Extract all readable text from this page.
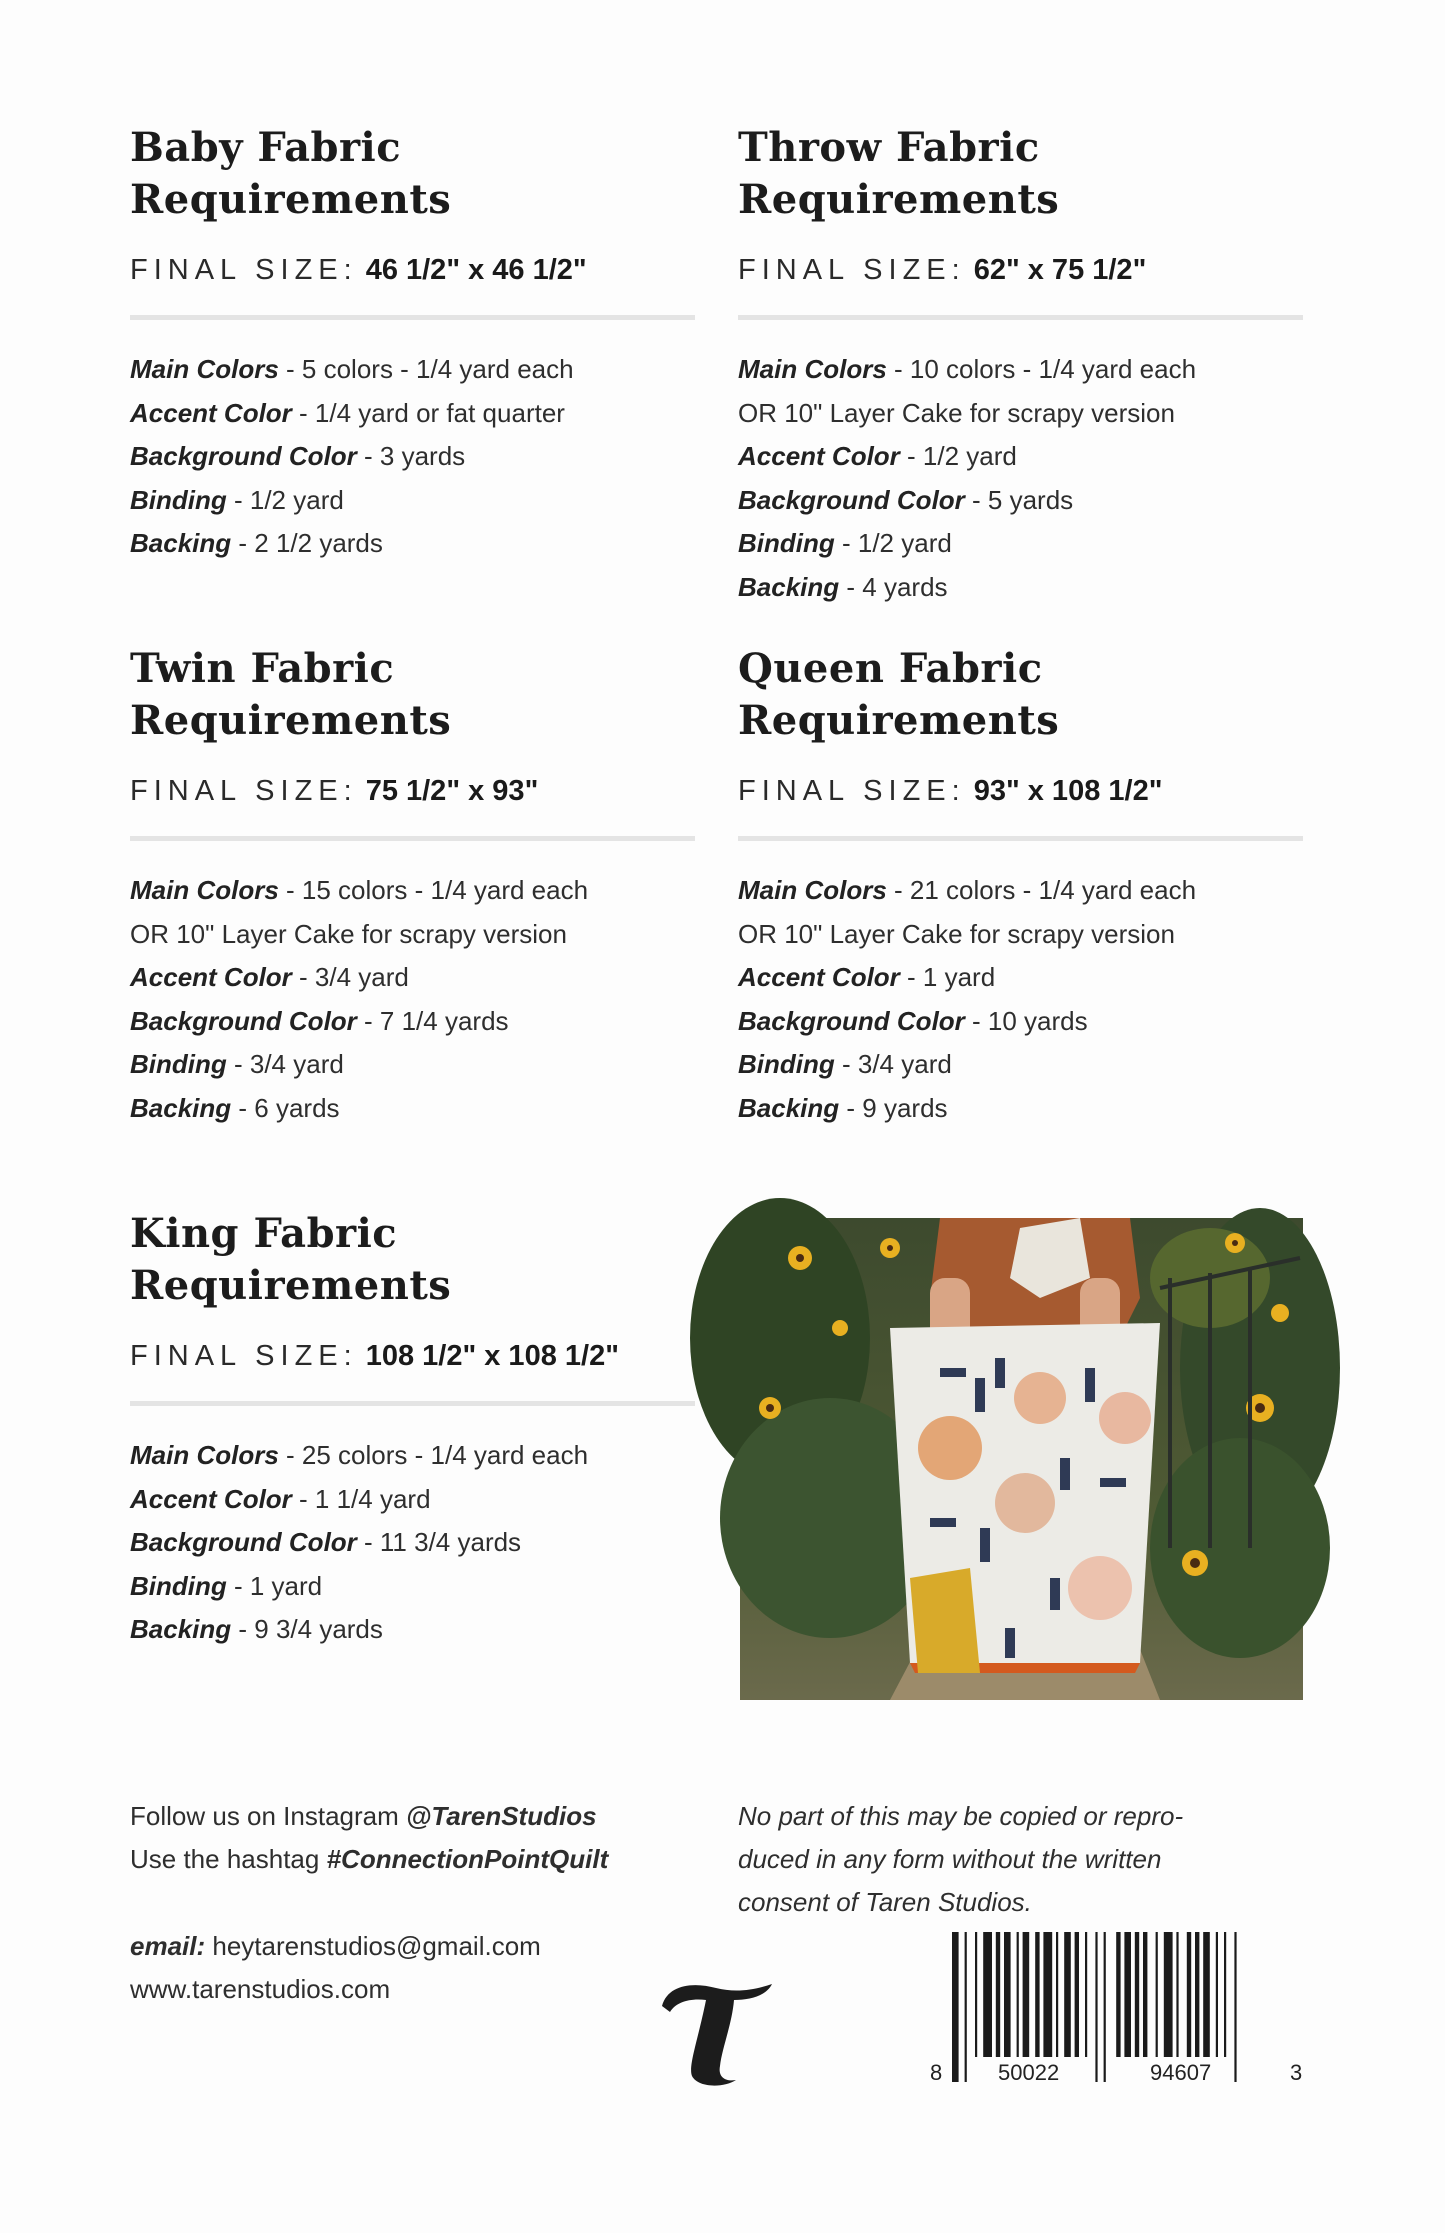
Baby Fabric
Requirements
FINAL SIZE: 46 1/2" x 46 1/2"
Main Colors - 5 colors - 1/4 yard each
Accent Color - 1/4 yard or fat quarter
Background Color - 3 yards
Binding - 1/2 yard
Backing - 2 1/2 yards
Throw Fabric
Requirements
FINAL SIZE: 62" x 75 1/2"
Main Colors - 10 colors - 1/4 yard each
OR 10" Layer Cake for scrapy version
Accent Color - 1/2 yard
Background Color - 5 yards
Binding - 1/2 yard
Backing - 4 yards
Twin Fabric
Requirements
FINAL SIZE: 75 1/2" x 93"
Main Colors - 15 colors - 1/4 yard each
OR 10" Layer Cake for scrapy version
Accent Color - 3/4 yard
Background Color - 7 1/4 yards
Binding - 3/4 yard
Backing - 6 yards
Queen Fabric
Requirements
FINAL SIZE: 93" x 108 1/2"
Main Colors - 21 colors - 1/4 yard each
OR 10" Layer Cake for scrapy version
Accent Color - 1 yard
Background Color - 10 yards
Binding - 3/4 yard
Backing - 9 yards
King Fabric
Requirements
FINAL SIZE: 108 1/2" x 108 1/2"
Main Colors - 25 colors - 1/4 yard each
Accent Color - 1 1/4 yard
Background Color - 11 3/4 yards
Binding - 1 yard
Backing - 9 3/4 yards
Follow us on Instagram @TarenStudios
Use the hashtag #ConnectionPointQuilt
email: heytarenstudios@gmail.com
www.tarenstudios.com
No part of this may be copied or repro-
duced in any form without the written
consent of Taren Studios.
T
8	50022	94607	3
